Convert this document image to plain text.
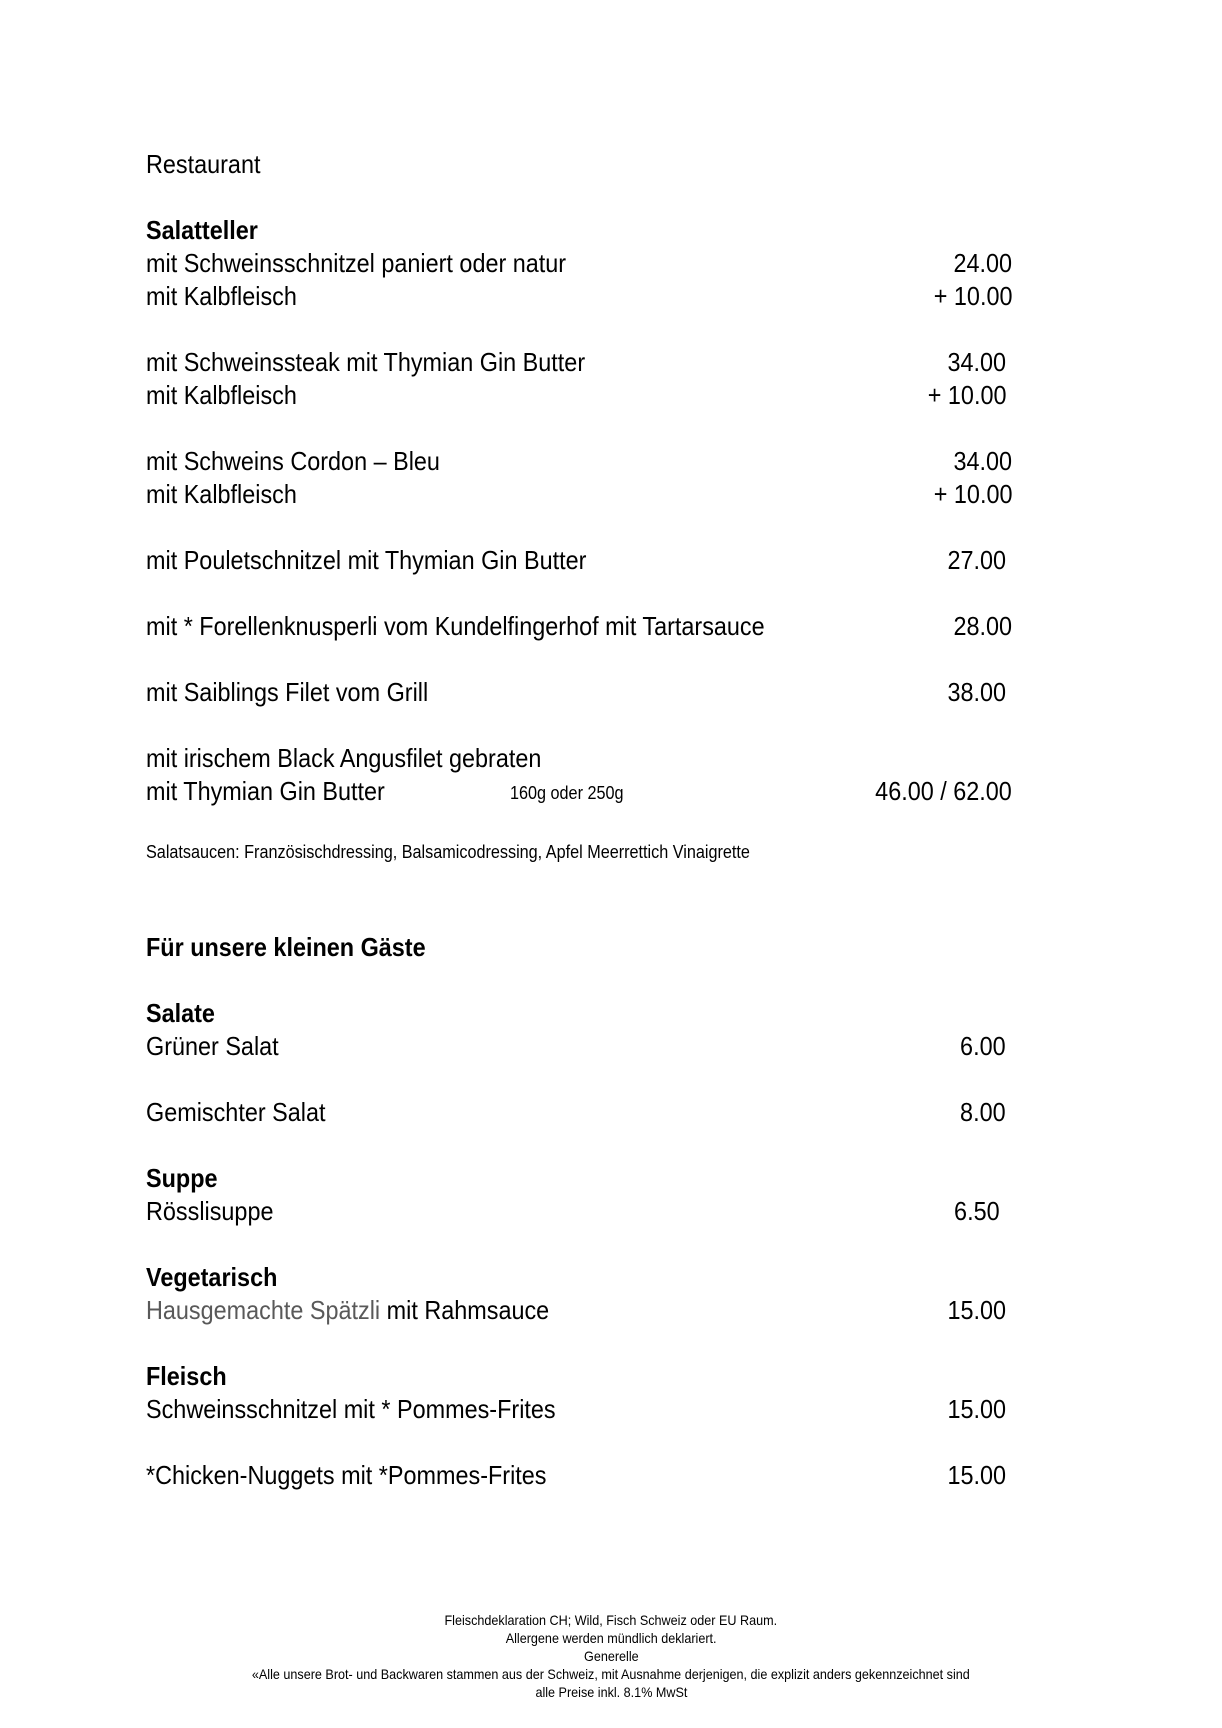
Restaurant
Salatteller
mit Schweinsschnitzel paniert oder natur	24.00
mit Kalbfleisch	+ 10.00
mit Schweinssteak mit Thymian Gin Butter	34.00
mit Kalbfleisch	+ 10.00
mit Schweins Cordon – Bleu	34.00
mit Kalbfleisch	+ 10.00
mit Pouletschnitzel mit Thymian Gin Butter	27.00
mit * Forellenknusperli vom Kundelfingerhof mit Tartarsauce	28.00
mit Saiblings Filet vom Grill	38.00
mit irischem Black Angusfilet gebraten
mit Thymian Gin Butter	160g oder 250g	46.00 / 62.00
Salatsaucen: Französischdressing, Balsamicodressing, Apfel Meerrettich Vinaigrette
Für unsere kleinen Gäste
Salate
Grüner Salat	6.00
Gemischter Salat	8.00
Suppe
Rösslisuppe	6.50
Vegetarisch
Hausgemachte Spätzli mit Rahmsauce	15.00
Fleisch
Schweinsschnitzel mit * Pommes-Frites	15.00
*Chicken-Nuggets mit *Pommes-Frites	15.00
Fleischdeklaration CH; Wild, Fisch Schweiz oder EU Raum.
Allergene werden mündlich deklariert.
Generelle
«Alle unsere Brot- und Backwaren stammen aus der Schweiz, mit Ausnahme derjenigen, die explizit anders gekennzeichnet sind
alle Preise inkl. 8.1% MwSt
